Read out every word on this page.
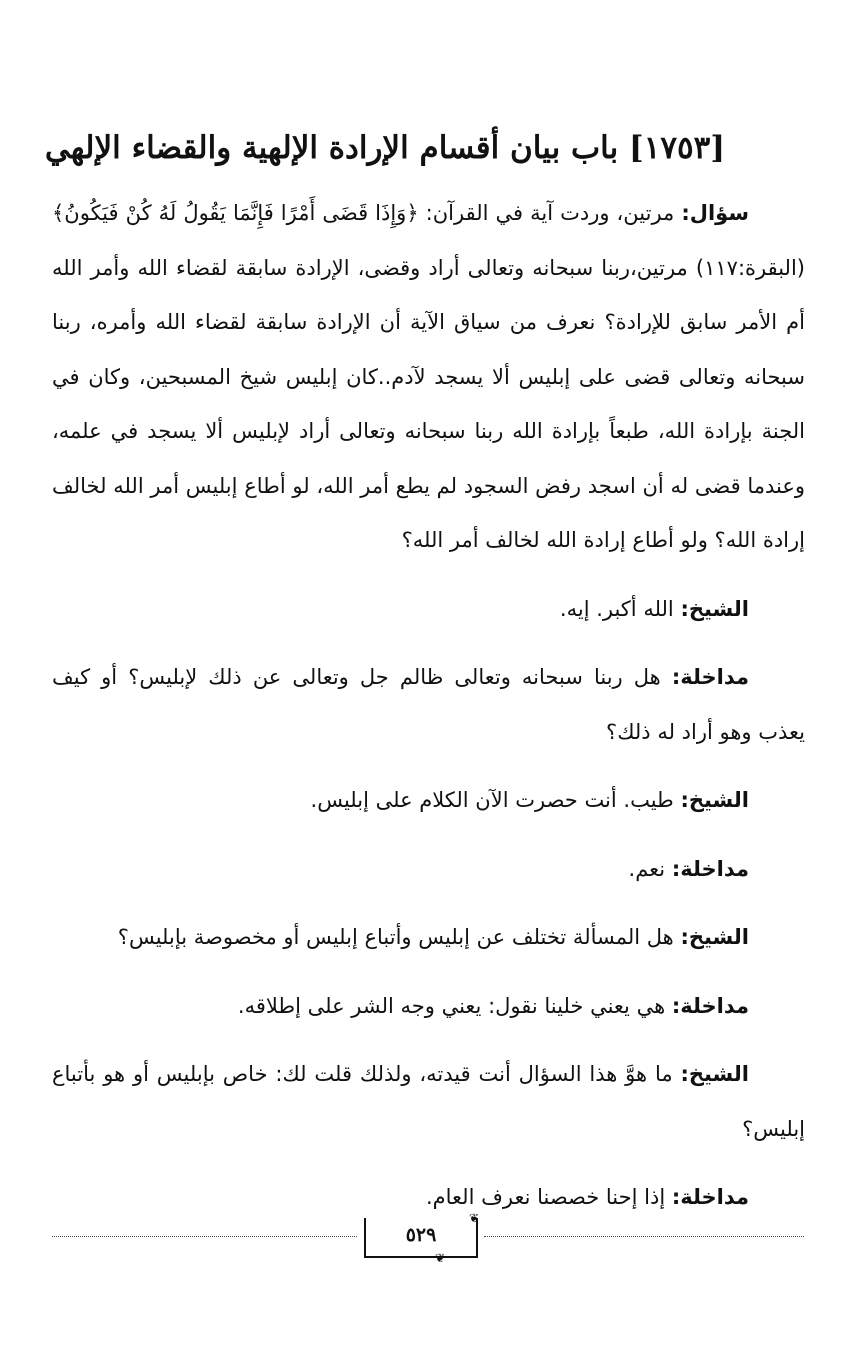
[١٧٥٣] باب بيان أقسام الإرادة الإلهية والقضاء الإلهي

سؤال: مرتين، وردت آية في القرآن: ﴿وَإِذَا قَضَى أَمْرًا فَإِنَّمَا يَقُولُ لَهُ كُنْ فَيَكُونُ﴾(البقرة:١١٧) مرتين،ربنا سبحانه وتعالى أراد وقضى، الإرادة سابقة لقضاء الله وأمر الله أم الأمر سابق للإرادة؟ نعرف من سياق الآية أن الإرادة سابقة لقضاء الله وأمره، ربنا سبحانه وتعالى قضى على إبليس ألا يسجد لآدم..كان إبليس شيخ المسبحين، وكان في الجنة بإرادة الله، طبعاً بإرادة الله ربنا سبحانه وتعالى أراد لإبليس ألا يسجد في علمه، وعندما قضى له أن اسجد رفض السجود لم يطع أمر الله، لو أطاع إبليس أمر الله لخالف إرادة الله؟ ولو أطاع إرادة الله لخالف أمر الله؟

الشيخ: الله أكبر. إيه.

مداخلة: هل ربنا سبحانه وتعالى ظالم جل وتعالى عن ذلك لإبليس؟ أو كيف يعذب وهو أراد له ذلك؟

الشيخ: طيب. أنت حصرت الآن الكلام على إبليس.

مداخلة: نعم.

الشيخ: هل المسألة تختلف عن إبليس وأتباع إبليس أو مخصوصة بإبليس؟

مداخلة: هي يعني خلينا نقول: يعني وجه الشر على إطلاقه.

الشيخ: ما هوَّ هذا السؤال أنت قيدته، ولذلك قلت لك: خاص بإبليس أو هو بأتباع إبليس؟

مداخلة: إذا إحنا خصصنا نعرف العام.

❦
٥٢٩
❦
